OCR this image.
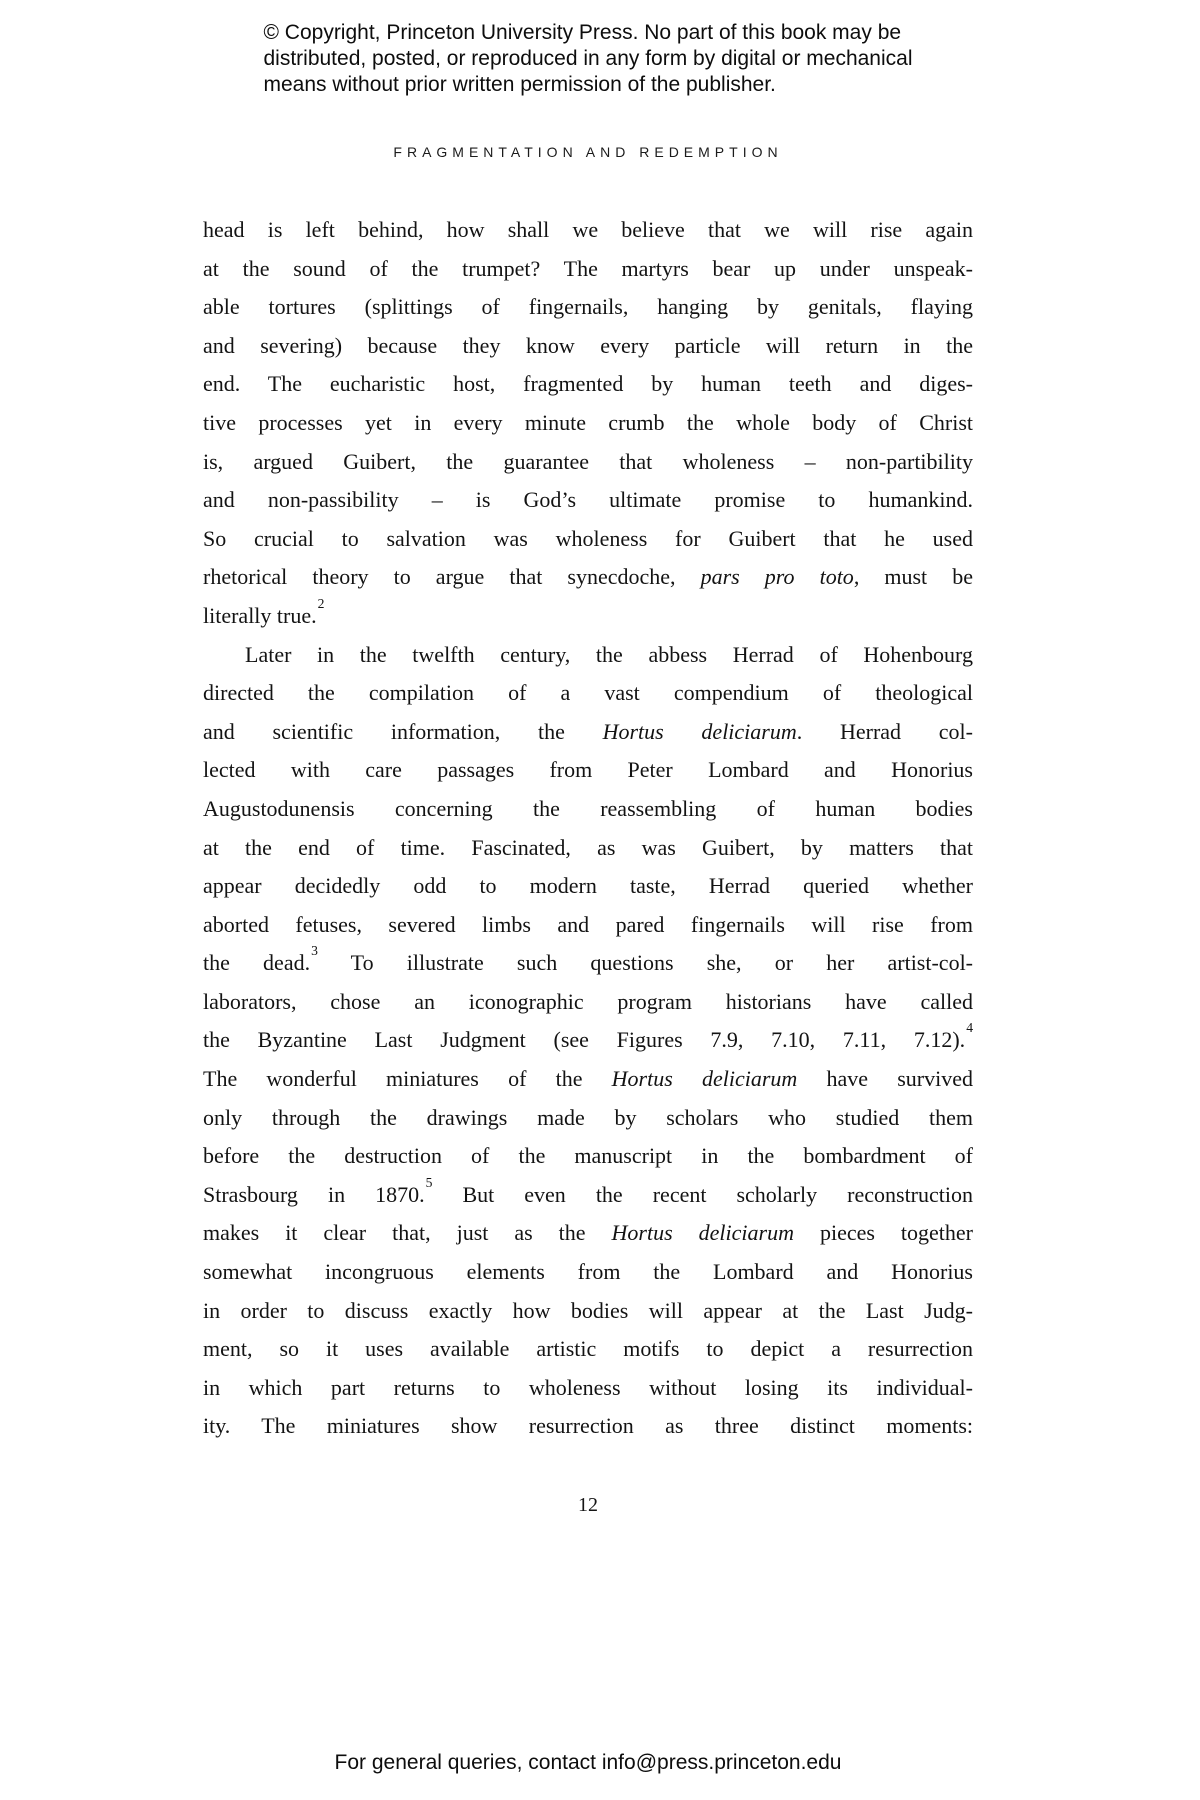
© Copyright, Princeton University Press. No part of this book may be
distributed, posted, or reproduced in any form by digital or mechanical
means without prior written permission of the publisher.
FRAGMENTATION AND REDEMPTION
head is left behind, how shall we believe that we will rise again
at the sound of the trumpet? The martyrs bear up under unspeak-
able tortures (splittings of fingernails, hanging by genitals, flaying
and severing) because they know every particle will return in the
end. The eucharistic host, fragmented by human teeth and diges-
tive processes yet in every minute crumb the whole body of Christ
is, argued Guibert, the guarantee that wholeness – non-partibility
and non-passibility – is God’s ultimate promise to humankind.
So crucial to salvation was wholeness for Guibert that he used
rhetorical theory to argue that synecdoche, pars pro toto, must be
literally true.$^2$
Later in the twelfth century, the abbess Herrad of Hohenbourg
directed the compilation of a vast compendium of theological
and scientific information, the Hortus deliciarum. Herrad col-
lected with care passages from Peter Lombard and Honorius
Augustodunensis concerning the reassembling of human bodies
at the end of time. Fascinated, as was Guibert, by matters that
appear decidedly odd to modern taste, Herrad queried whether
aborted fetuses, severed limbs and pared fingernails will rise from
the dead.$^3$ To illustrate such questions she, or her artist-col-
laborators, chose an iconographic program historians have called
the Byzantine Last Judgment (see Figures 7.9, 7.10, 7.11, 7.12).$^4$
The wonderful miniatures of the Hortus deliciarum have survived
only through the drawings made by scholars who studied them
before the destruction of the manuscript in the bombardment of
Strasbourg in 1870.$^5$ But even the recent scholarly reconstruction
makes it clear that, just as the Hortus deliciarum pieces together
somewhat incongruous elements from the Lombard and Honorius
in order to discuss exactly how bodies will appear at the Last Judg-
ment, so it uses available artistic motifs to depict a resurrection
in which part returns to wholeness without losing its individual-
ity. The miniatures show resurrection as three distinct moments:
12
For general queries, contact info@press.princeton.edu
